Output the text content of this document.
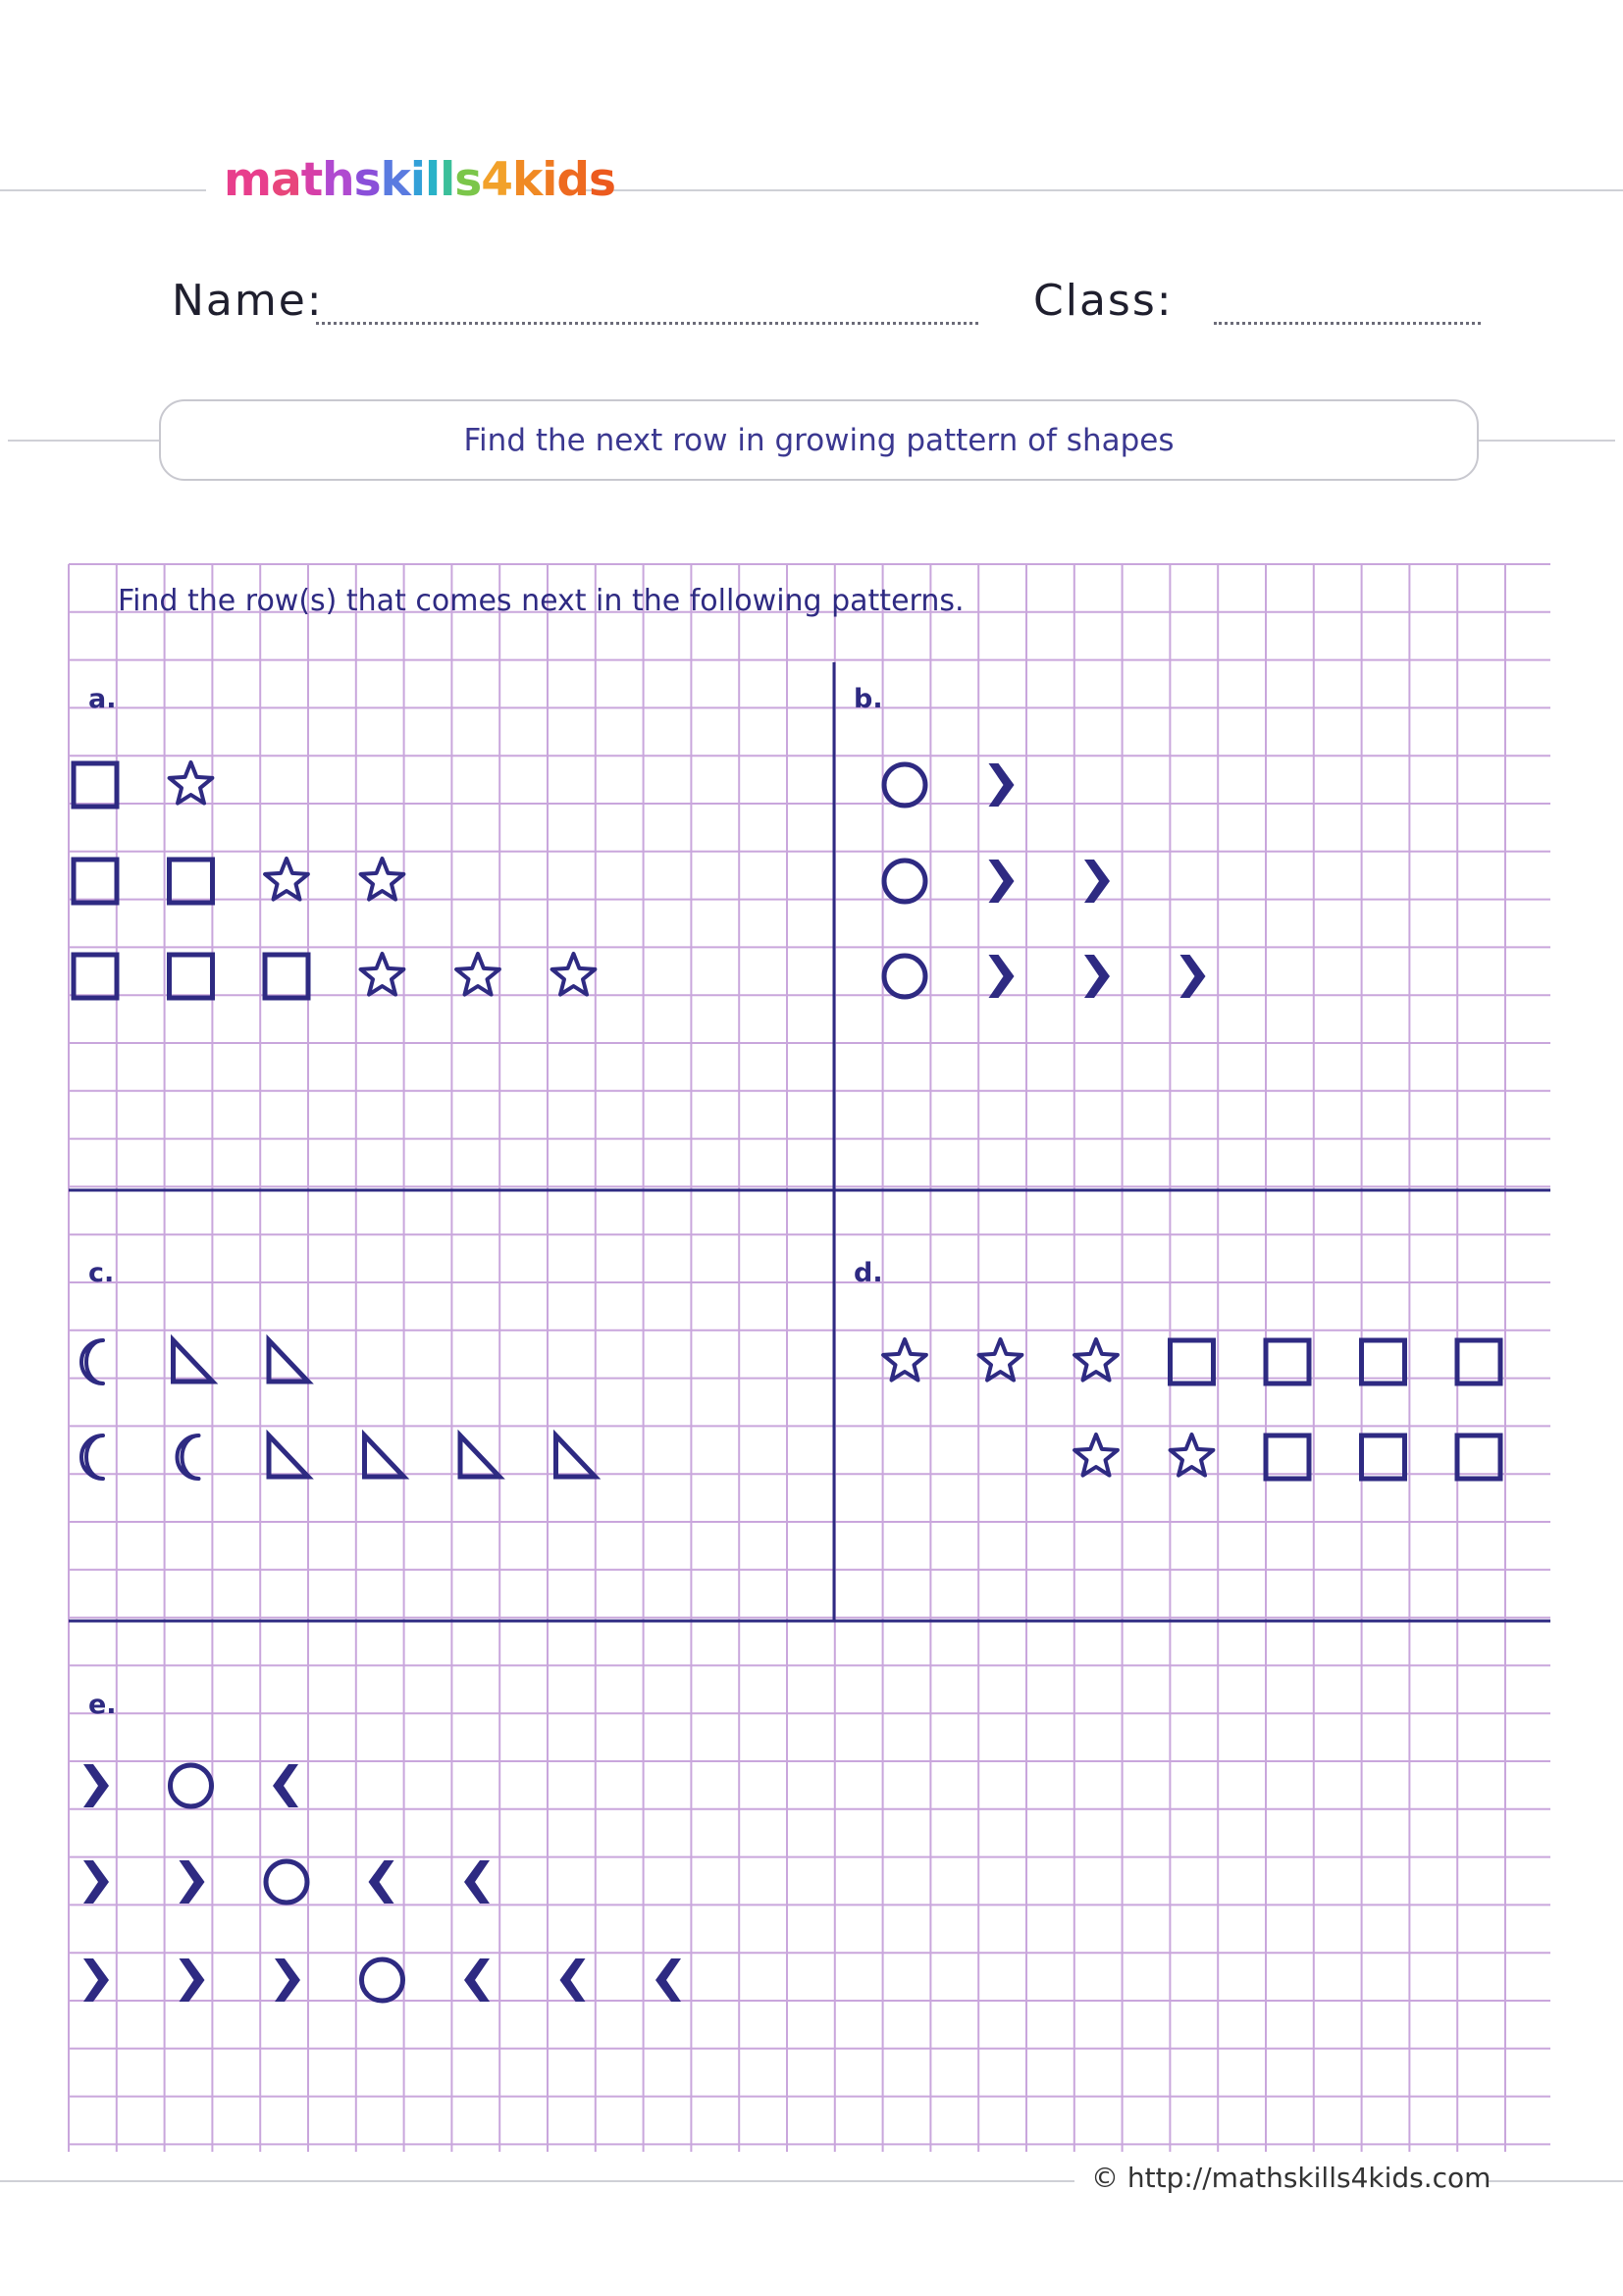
mathskills4kids
Name:	Class:
Find the next row in growing pattern of shapes
Find the row(s) that comes next in the following patterns.
a.	b.
c.	d.
e.
© http://mathskills4kids.com
